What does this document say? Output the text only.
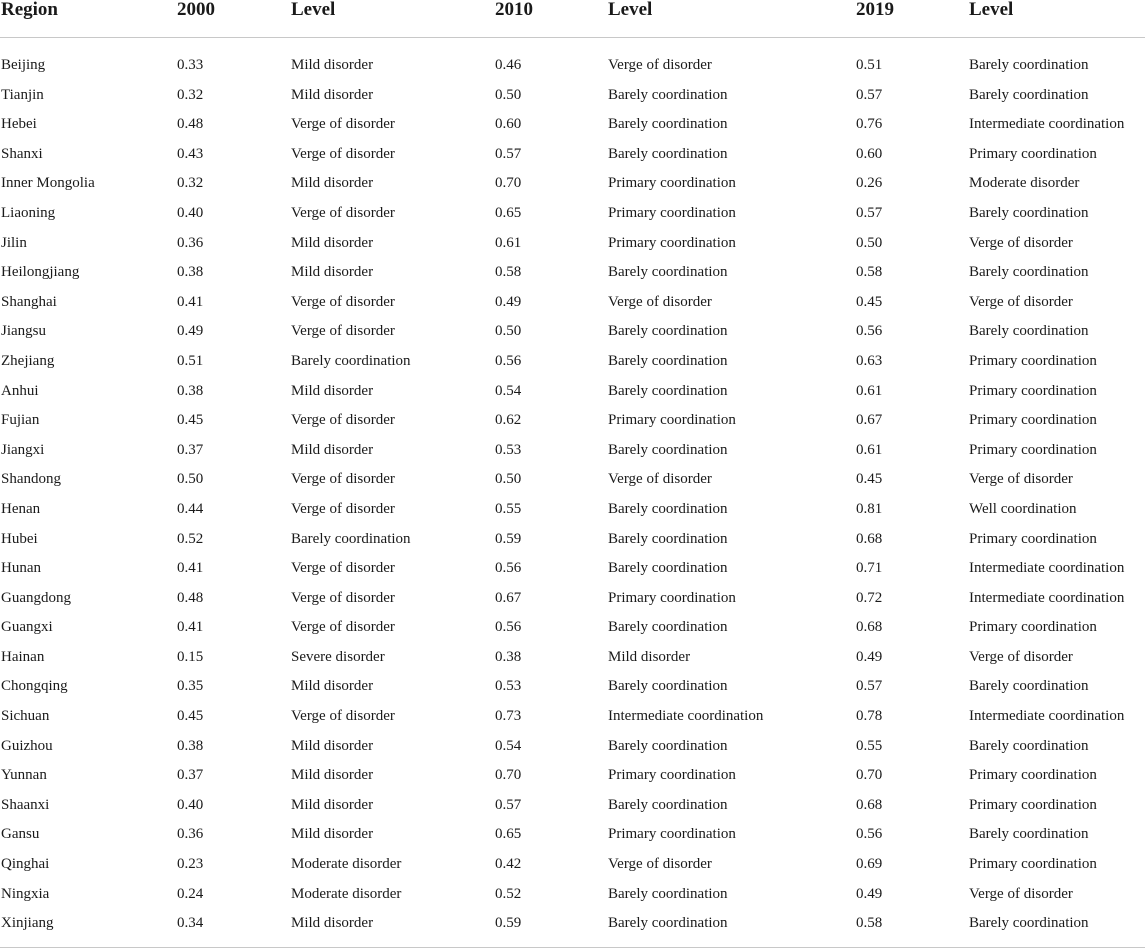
Region	2000	Level	2010	Level	2019	Level
Beijing	0.33	Mild disorder	0.46	Verge of disorder	0.51	Barely coordination
Tianjin	0.32	Mild disorder	0.50	Barely coordination	0.57	Barely coordination
Hebei	0.48	Verge of disorder	0.60	Barely coordination	0.76	Intermediate coordination
Shanxi	0.43	Verge of disorder	0.57	Barely coordination	0.60	Primary coordination
Inner Mongolia	0.32	Mild disorder	0.70	Primary coordination	0.26	Moderate disorder
Liaoning	0.40	Verge of disorder	0.65	Primary coordination	0.57	Barely coordination
Jilin	0.36	Mild disorder	0.61	Primary coordination	0.50	Verge of disorder
Heilongjiang	0.38	Mild disorder	0.58	Barely coordination	0.58	Barely coordination
Shanghai	0.41	Verge of disorder	0.49	Verge of disorder	0.45	Verge of disorder
Jiangsu	0.49	Verge of disorder	0.50	Barely coordination	0.56	Barely coordination
Zhejiang	0.51	Barely coordination	0.56	Barely coordination	0.63	Primary coordination
Anhui	0.38	Mild disorder	0.54	Barely coordination	0.61	Primary coordination
Fujian	0.45	Verge of disorder	0.62	Primary coordination	0.67	Primary coordination
Jiangxi	0.37	Mild disorder	0.53	Barely coordination	0.61	Primary coordination
Shandong	0.50	Verge of disorder	0.50	Verge of disorder	0.45	Verge of disorder
Henan	0.44	Verge of disorder	0.55	Barely coordination	0.81	Well coordination
Hubei	0.52	Barely coordination	0.59	Barely coordination	0.68	Primary coordination
Hunan	0.41	Verge of disorder	0.56	Barely coordination	0.71	Intermediate coordination
Guangdong	0.48	Verge of disorder	0.67	Primary coordination	0.72	Intermediate coordination
Guangxi	0.41	Verge of disorder	0.56	Barely coordination	0.68	Primary coordination
Hainan	0.15	Severe disorder	0.38	Mild disorder	0.49	Verge of disorder
Chongqing	0.35	Mild disorder	0.53	Barely coordination	0.57	Barely coordination
Sichuan	0.45	Verge of disorder	0.73	Intermediate coordination	0.78	Intermediate coordination
Guizhou	0.38	Mild disorder	0.54	Barely coordination	0.55	Barely coordination
Yunnan	0.37	Mild disorder	0.70	Primary coordination	0.70	Primary coordination
Shaanxi	0.40	Mild disorder	0.57	Barely coordination	0.68	Primary coordination
Gansu	0.36	Mild disorder	0.65	Primary coordination	0.56	Barely coordination
Qinghai	0.23	Moderate disorder	0.42	Verge of disorder	0.69	Primary coordination
Ningxia	0.24	Moderate disorder	0.52	Barely coordination	0.49	Verge of disorder
Xinjiang	0.34	Mild disorder	0.59	Barely coordination	0.58	Barely coordination
